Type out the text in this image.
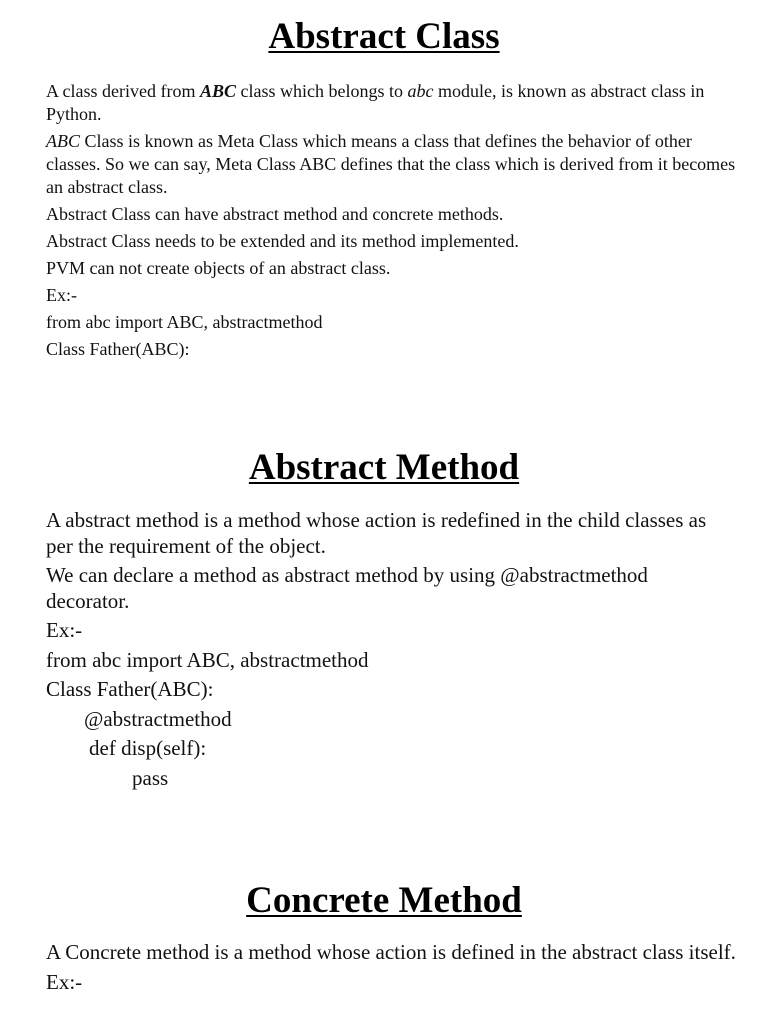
Abstract Class

A class derived from ABC class which belongs to abc module, is known as abstract class in Python.

ABC Class is known as Meta Class which means a class that defines the behavior of other classes. So we can say, Meta Class ABC defines that the class which is derived from it becomes an abstract class.

Abstract Class can have abstract method and concrete methods.

Abstract Class needs to be extended and its method implemented.

PVM can not create objects of an abstract class.

Ex:-

from abc import ABC, abstractmethod

Class Father(ABC):

Abstract Method

A abstract method is a method whose action is redefined in the child classes as per the requirement of the object.

We can declare a method as abstract method by using @abstractmethod decorator.

Ex:-

from abc import ABC, abstractmethod

Class Father(ABC):

@abstractmethod

def disp(self):

pass

Concrete Method

A Concrete method is a method whose action is defined in the abstract class itself.

Ex:-
